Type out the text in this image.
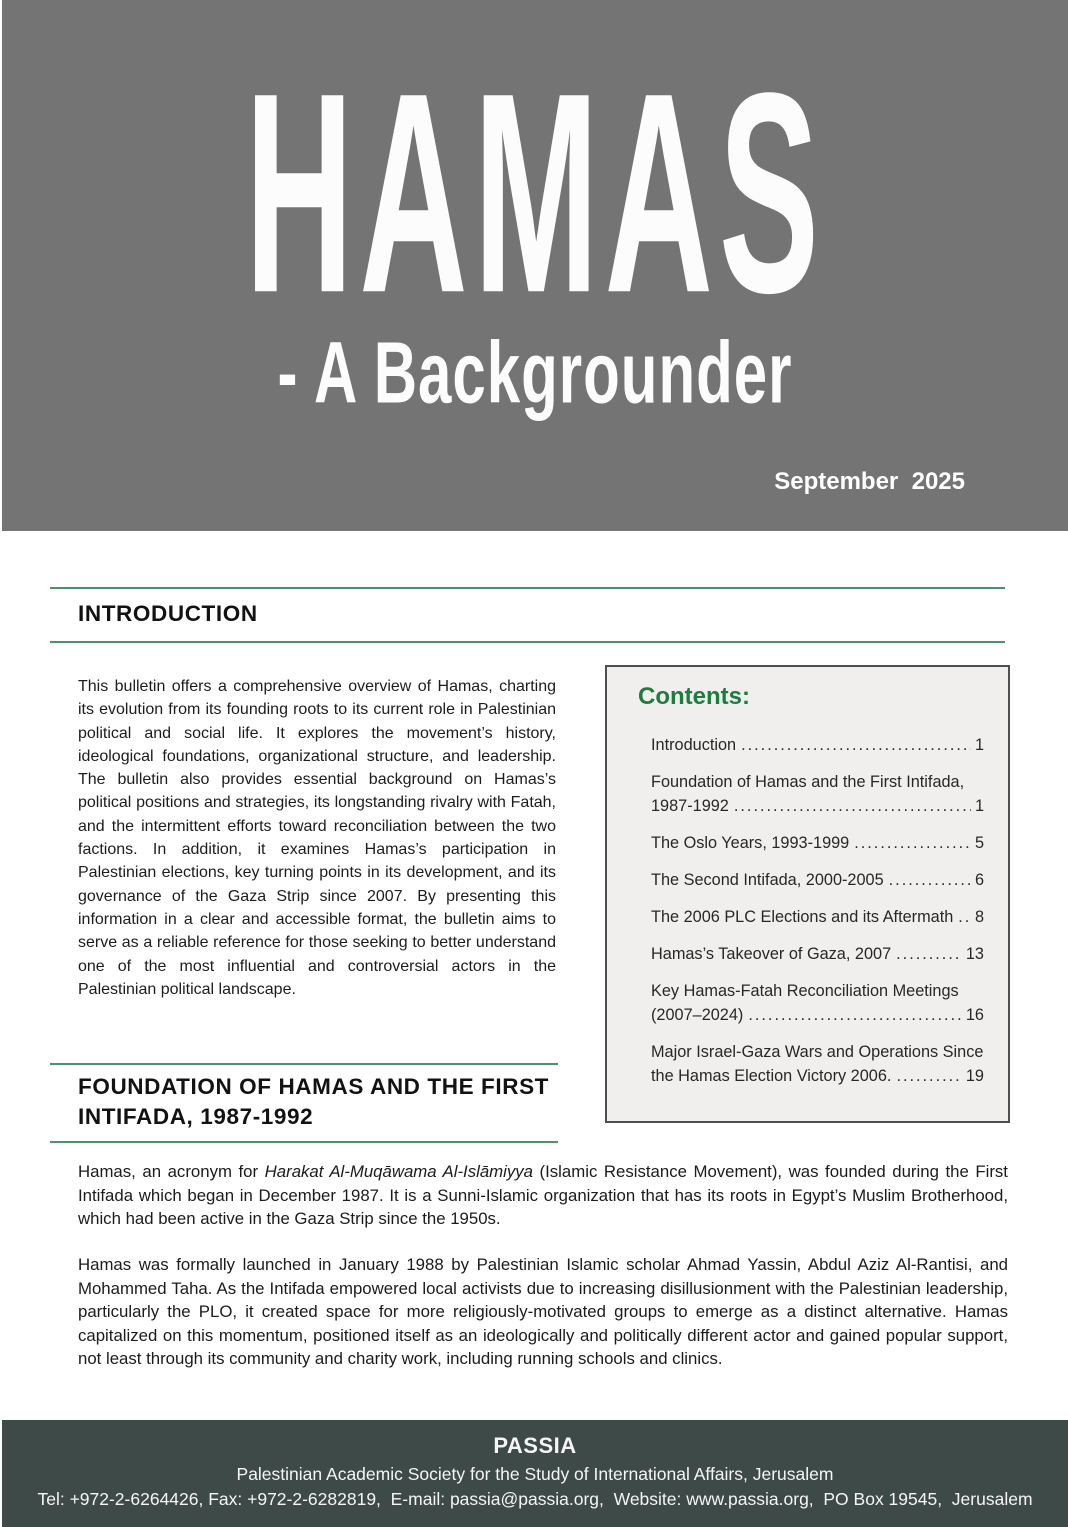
HAMAS
- A Backgrounder
September  2025
INTRODUCTION

This bulletin offers a comprehensive overview of Hamas, charting its evolution from its founding roots to its current role in Palestinian political and social life. It explores the movement’s history, ideological foundations, organizational structure, and leadership. The bulletin also provides essential background on Hamas’s political positions and strategies, its longstanding rivalry with Fatah, and the intermittent efforts toward reconciliation between the two factions. In addition, it examines Hamas’s participation in Palestinian elections, key turning points in its development, and its governance of the Gaza Strip since 2007. By presenting this information in a clear and accessible format, the bulletin aims to serve as a reliable reference for those seeking to better understand one of the most influential and controversial actors in the Palestinian political landscape.

Contents:
Introduction .....	1
Foundation of Hamas and the First Intifada,
1987-1992 .....	1
The Oslo Years, 1993-1999 .....	5
The Second Intifada, 2000-2005 .....	6
The 2006 PLC Elections and its Aftermath ..... 8
Hamas’s Takeover of Gaza, 2007 .....	13
Key Hamas-Fatah Reconciliation Meetings
(2007–2024) .....	16
Major Israel-Gaza Wars and Operations Since
the Hamas Election Victory 2006. .....	19
FOUNDATION OF HAMAS AND THE FIRST
INTIFADA, 1987-1992

Hamas, an acronym for Harakat Al-Muqāwama Al-Islāmiyya (Islamic Resistance Movement), was founded during the First Intifada which began in December 1987. It is a Sunni-Islamic organization that has its roots in Egypt’s Muslim Brotherhood, which had been active in the Gaza Strip since the 1950s.

Hamas was formally launched in January 1988 by Palestinian Islamic scholar Ahmad Yassin, Abdul Aziz Al-Rantisi, and Mohammed Taha. As the Intifada empowered local activists due to increasing disillusionment with the Palestinian leadership, particularly the PLO, it created space for more religiously-motivated groups to emerge as a distinct alternative. Hamas capitalized on this momentum, positioned itself as an ideologically and politically different actor and gained popular support, not least through its community and charity work, including running schools and clinics.

PASSIA
Palestinian Academic Society for the Study of International Affairs, Jerusalem
Tel: +972-2-6264426, Fax: +972-2-6282819,  E-mail: passia@passia.org,  Website: www.passia.org,  PO Box 19545,  Jerusalem
